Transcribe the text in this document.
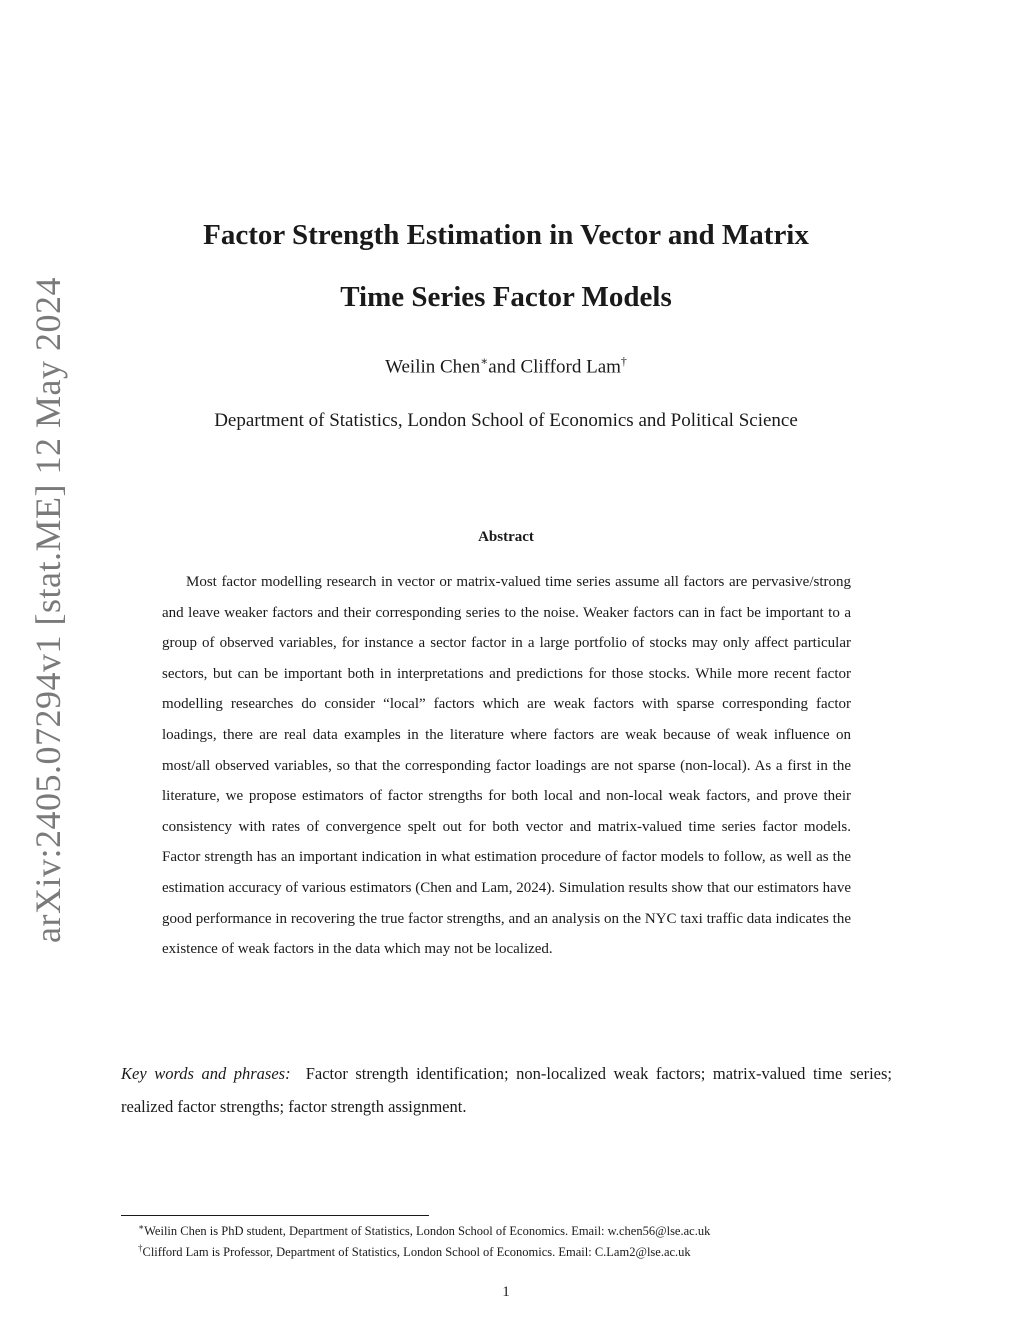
arXiv:2405.07294v1 [stat.ME] 12 May 2024
Factor Strength Estimation in Vector and Matrix
Time Series Factor Models
Weilin Chen∗and Clifford Lam†
Department of Statistics, London School of Economics and Political Science
Abstract

Most factor modelling research in vector or matrix-valued time series assume all factors are pervasive/strong and leave weaker factors and their corresponding series to the noise. Weaker factors can in fact be important to a group of observed variables, for instance a sector factor in a large portfolio of stocks may only affect particular sectors, but can be important both in interpretations and predictions for those stocks. While more recent factor modelling researches do consider “local” factors which are weak factors with sparse corresponding factor loadings, there are real data examples in the literature where factors are weak because of weak influence on most/all observed variables, so that the corresponding factor loadings are not sparse (non-local). As a first in the literature, we propose estimators of factor strengths for both local and non-local weak factors, and prove their consistency with rates of convergence spelt out for both vector and matrix-valued time series factor models. Factor strength has an important indication in what estimation procedure of factor models to follow, as well as the estimation accuracy of various estimators (Chen and Lam, 2024). Simulation results show that our estimators have good performance in recovering the true factor strengths, and an analysis on the NYC taxi traffic data indicates the existence of weak factors in the data which may not be localized.

Key words and phrases: Factor strength identification; non-localized weak factors; matrix-valued time series; realized factor strengths; factor strength assignment.

∗Weilin Chen is PhD student, Department of Statistics, London School of Economics. Email: w.chen56@lse.ac.uk
†Clifford Lam is Professor, Department of Statistics, London School of Economics. Email: C.Lam2@lse.ac.uk
1
